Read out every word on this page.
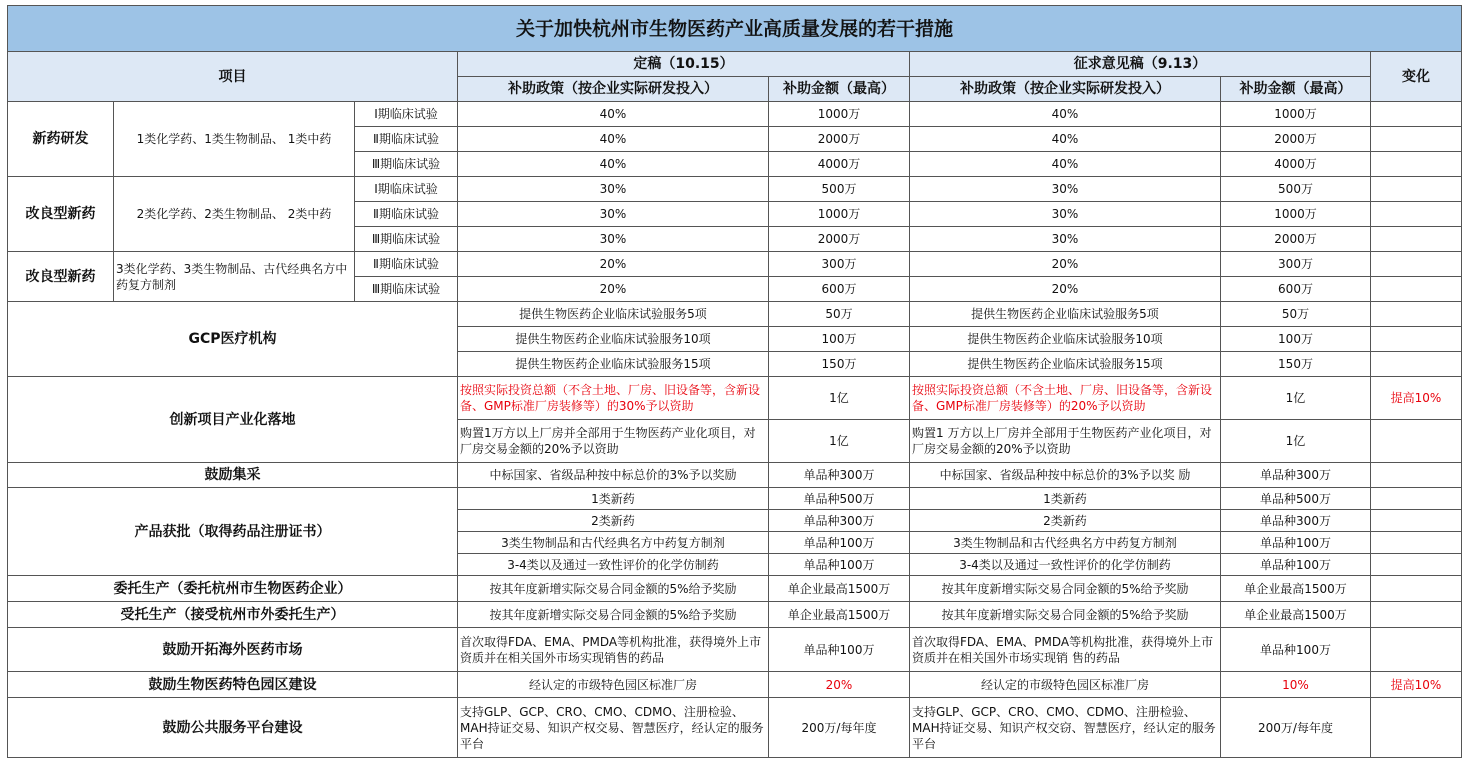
关于加快杭州市生物医药产业高质量发展的若干措施							
项目			定稿（10.15）		征求意见稿（9.13）		变化
			补助政策（按企业实际研发投入）	补助金额（最高）	补助政策（按企业实际研发投入）	补助金额（最高）	
新药研发	1类化学药、1类生物制品、 1类中药	Ⅰ期临床试验	40%	1000万	40%	1000万	
		Ⅱ期临床试验	40%	2000万	40%	2000万	
		Ⅲ期临床试验	40%	4000万	40%	4000万	
改良型新药	2类化学药、2类生物制品、 2类中药	Ⅰ期临床试验	30%	500万	30%	500万	
		Ⅱ期临床试验	30%	1000万	30%	1000万	
		Ⅲ期临床试验	30%	2000万	30%	2000万	
改良型新药	3类化学药、3类生物制品、古代经典名方中药复方制剂	Ⅱ期临床试验	20%	300万	20%	300万	
		Ⅲ期临床试验	20%	600万	20%	600万	
GCP医疗机构			提供生物医药企业临床试验服务5项	50万	提供生物医药企业临床试验服务5项	50万	
			提供生物医药企业临床试验服务10项	100万	提供生物医药企业临床试验服务10项	100万	
			提供生物医药企业临床试验服务15项	150万	提供生物医药企业临床试验服务15项	150万	
创新项目产业化落地			按照实际投资总额（不含土地、厂房、旧设备等，含新设备、GMP标准厂房装修等）的30%予以资助	1亿	按照实际投资总额（不含土地、厂房、旧设备等，含新设备、GMP标准厂房装修等）的20%予以资助	1亿	提高10%
			购置1万方以上厂房并全部用于生物医药产业化项目，对厂房交易金额的20%予以资助	1亿	购置1 万方以上厂房并全部用于生物医药产业化项目，对厂房交易金额的20%予以资助	1亿	
鼓励集采			中标国家、省级品种按中标总价的3%予以奖励	单品种300万	中标国家、省级品种按中标总价的3%予以奖 励	单品种300万	
产品获批（取得药品注册证书）			1类新药	单品种500万	1类新药	单品种500万	
			2类新药	单品种300万	2类新药	单品种300万	
			3类生物制品和古代经典名方中药复方制剂	单品种100万	3类生物制品和古代经典名方中药复方制剂	单品种100万	
			3-4类以及通过一致性评价的化学仿制药	单品种100万	3-4类以及通过一致性评价的化学仿制药	单品种100万	
委托生产（委托杭州市生物医药企业）			按其年度新增实际交易合同金额的5%给予奖励	单企业最高1500万	按其年度新增实际交易合同金额的5%给予奖励	单企业最高1500万	
受托生产（接受杭州市外委托生产）			按其年度新增实际交易合同金额的5%给予奖励	单企业最高1500万	按其年度新增实际交易合同金额的5%给予奖励	单企业最高1500万	
鼓励开拓海外医药市场			首次取得FDA、EMA、PMDA等机构批准，获得境外上市资质并在相关国外市场实现销售的药品	单品种100万	首次取得FDA、EMA、PMDA等机构批准，获得境外上市资质并在相关国外市场实现销 售的药品	单品种100万	
鼓励生物医药特色园区建设			经认定的市级特色园区标准厂房	20%	经认定的市级特色园区标准厂房	10%	提高10%
鼓励公共服务平台建设			支持GLP、GCP、CRO、CMO、CDMO、注册检验、MAH持证交易、知识产权交易、智慧医疗，经认定的服务平台	200万/每年度	支持GLP、GCP、CRO、CMO、CDMO、注册检验、MAH持证交易、知识产权交窃、智慧医疗，经认定的服务平台	200万/每年度	
